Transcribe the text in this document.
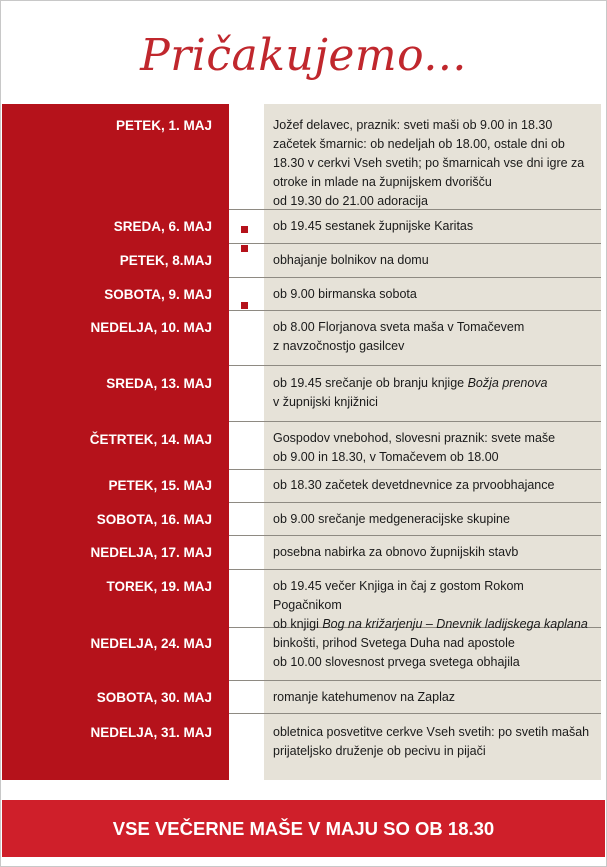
Pričakujemo...
PETEK, 1. MAJ	Jožef delavec, praznik: sveti maši ob 9.00 in 18.30
začetek šmarnic: ob nedeljah ob 18.00, ostale dni ob
18.30 v cerkvi Vseh svetih; po šmarnicah vse dni igre za
otroke in mlade na župnijskem dvorišču
od 19.30 do 21.00 adoracija
SREDA, 6. MAJ	ob 19.45 sestanek župnijske Karitas
PETEK, 8.MAJ	obhajanje bolnikov na domu
SOBOTA, 9. MAJ	ob 9.00 birmanska sobota
NEDELJA, 10. MAJ	ob 8.00 Florjanova sveta maša v Tomačevem
z navzočnostjo gasilcev
SREDA, 13. MAJ	ob 19.45 srečanje ob branju knjige Božja prenova
v župnijski knjižnici
ČETRTEK, 14. MAJ	Gospodov vnebohod, slovesni praznik: svete maše
ob 9.00 in 18.30, v Tomačevem ob 18.00
PETEK, 15. MAJ	ob 18.30 začetek devetdnevnice za prvoobhajance
SOBOTA, 16. MAJ	ob 9.00 srečanje medgeneracijske skupine
NEDELJA, 17. MAJ	posebna nabirka za obnovo župnijskih stavb
TOREK, 19. MAJ	ob 19.45 večer Knjiga in čaj z gostom Rokom Pogačnikom
ob knjigi Bog na križarjenju – Dnevnik ladijskega kaplana
NEDELJA, 24. MAJ	binkošti, prihod Svetega Duha nad apostole
ob 10.00 slovesnost prvega svetega obhajila
SOBOTA, 30. MAJ	romanje katehumenov na Zaplaz
NEDELJA, 31. MAJ	obletnica posvetitve cerkve Vseh svetih: po svetih mašah
prijateljsko druženje ob pecivu in pijači
VSE VEČERNE MAŠE V MAJU SO OB 18.30
